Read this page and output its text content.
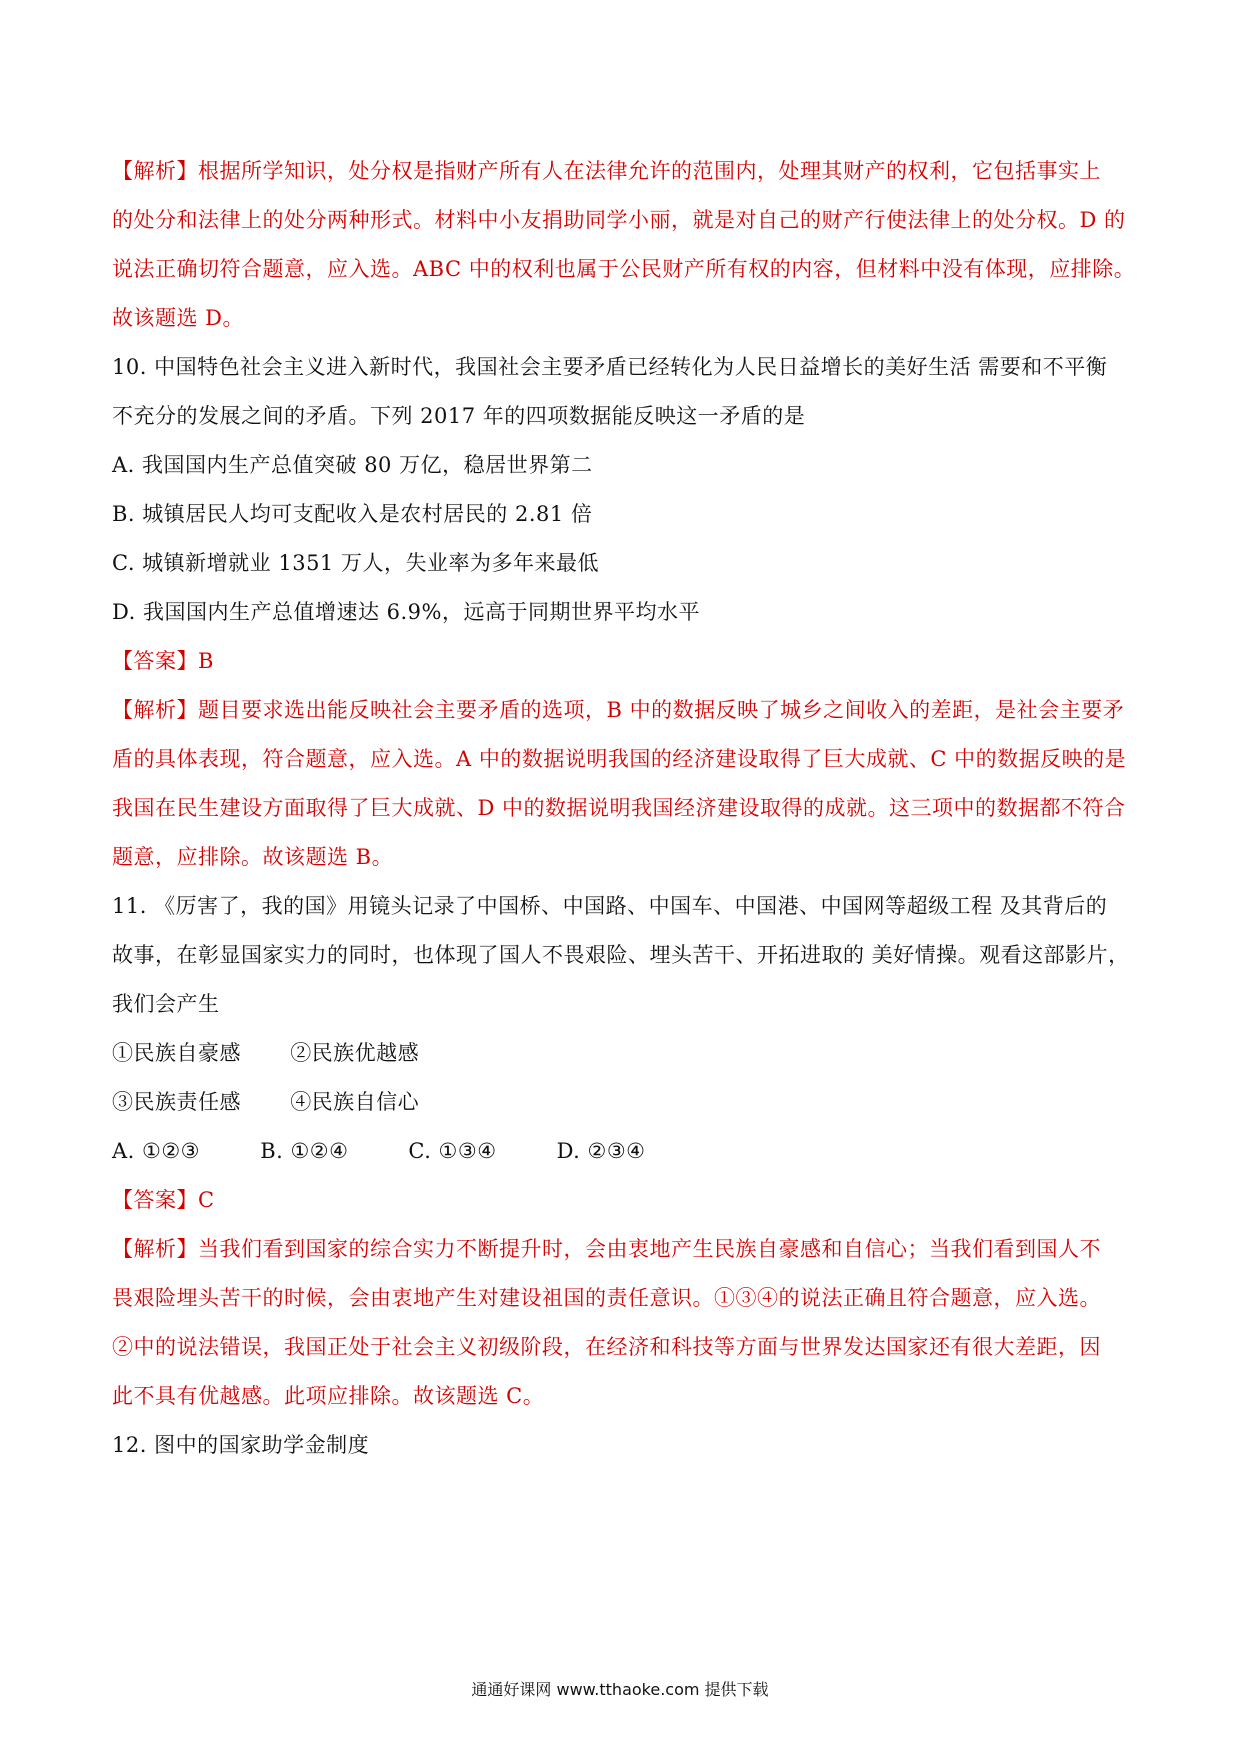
【解析】根据所学知识，处分权是指财产所有人在法律允许的范围内，处理其财产的权利，它包括事实上
的处分和法律上的处分两种形式。材料中小友捐助同学小丽，就是对自己的财产行使法律上的处分权。D 的
说法正确切符合题意，应入选。ABC 中的权利也属于公民财产所有权的内容，但材料中没有体现，应排除。
故该题选 D。
10. 中国特色社会主义进入新时代，我国社会主要矛盾已经转化为人民日益增长的美好生活 需要和不平衡
不充分的发展之间的矛盾。下列 2017 年的四项数据能反映这一矛盾的是
A. 我国国内生产总值突破 80 万亿，稳居世界第二
B. 城镇居民人均可支配收入是农村居民的 2.81 倍
C. 城镇新增就业 1351 万人，失业率为多年来最低
D. 我国国内生产总值增速达 6.9%，远高于同期世界平均水平
【答案】B
【解析】题目要求选出能反映社会主要矛盾的选项，B 中的数据反映了城乡之间收入的差距，是社会主要矛
盾的具体表现，符合题意，应入选。A 中的数据说明我国的经济建设取得了巨大成就、C 中的数据反映的是
我国在民生建设方面取得了巨大成就、D 中的数据说明我国经济建设取得的成就。这三项中的数据都不符合
题意，应排除。故该题选 B。
11. 《厉害了，我的国》用镜头记录了中国桥、中国路、中国车、中国港、中国网等超级工程 及其背后的
故事，在彰显国家实力的同时，也体现了国人不畏艰险、埋头苦干、开拓进取的 美好情操。观看这部影片，
我们会产生
①民族自豪感 ②民族优越感
③民族责任感 ④民族自信心
A. ①②③	B. ①②④	C. ①③④	D. ②③④
【答案】C
【解析】当我们看到国家的综合实力不断提升时，会由衷地产生民族自豪感和自信心；当我们看到国人不
畏艰险埋头苦干的时候，会由衷地产生对建设祖国的责任意识。①③④的说法正确且符合题意，应入选。
②中的说法错误，我国正处于社会主义初级阶段，在经济和科技等方面与世界发达国家还有很大差距，因
此不具有优越感。此项应排除。故该题选 C。
12. 图中的国家助学金制度
通通好课网 www.tthaoke.com 提供下载
